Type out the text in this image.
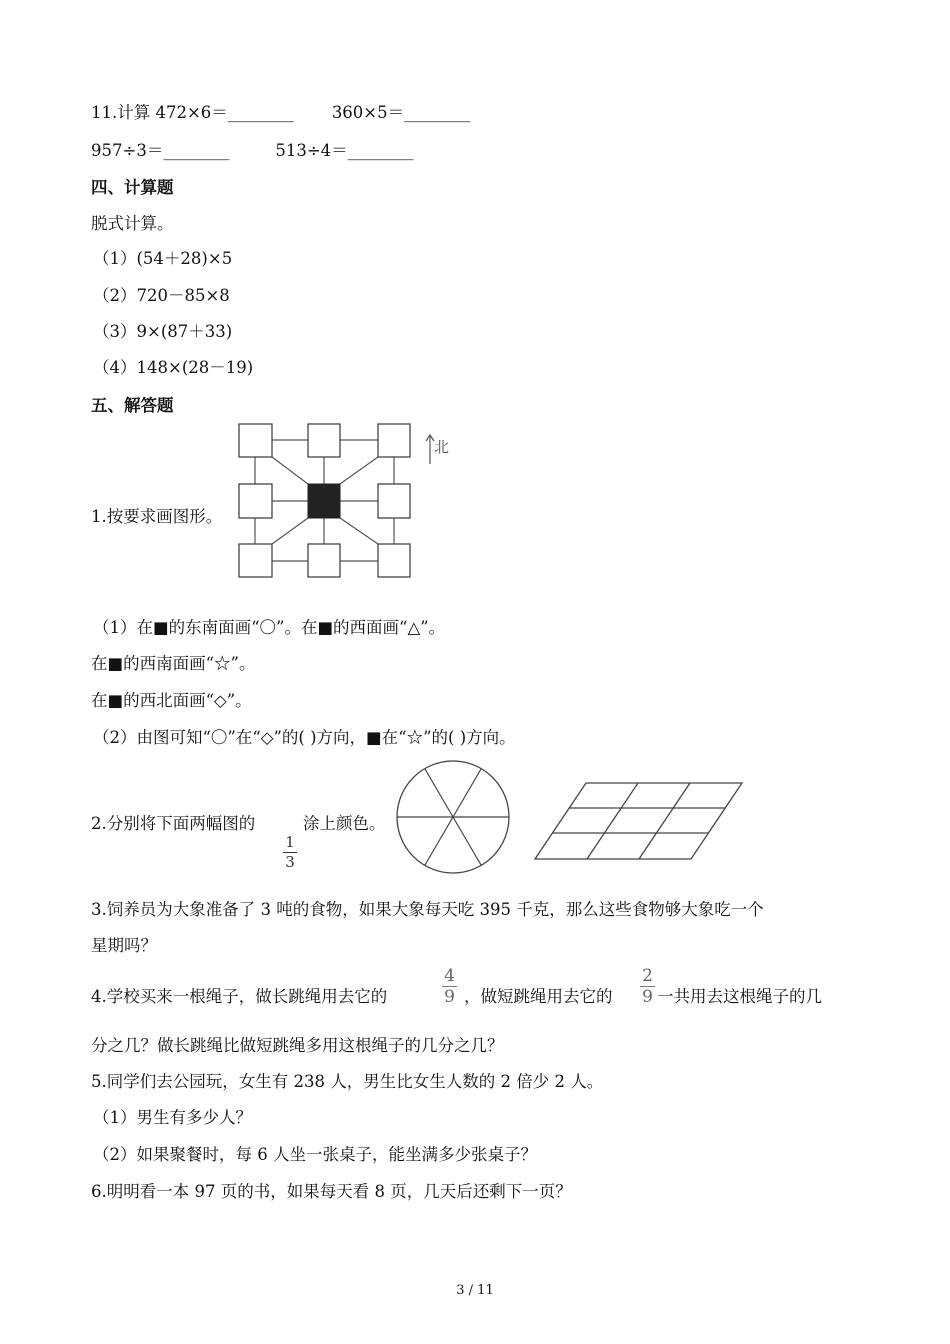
11.计算 472×6＝________ 360×5＝________
957÷3＝________	513÷4＝________
四、计算题
脱式计算。
（1）(54＋28)×5
（2）720－85×8
（3）9×(87＋33)
（4）148×(28－19)
五、解答题
1.按要求画图形。
北
（1）在■的东南面画“〇”。在■的西面画“△”。
在■的西南面画“☆”。
在■的西北面画“◇”。
（2）由图可知“〇”在“◇”的( )方向，■在“☆”的( )方向。
2.分别将下面两幅图的	涂上颜色。
1
3
3.饲养员为大象准备了 3 吨的食物，如果大象每天吃 395 千克，那么这些食物够大象吃一个
星期吗？
4.学校买来一根绳子，做长跳绳用去它的
4
9 ，做短跳绳用去它的
2
9 一共用去这根绳子的几
分之几？做长跳绳比做短跳绳多用这根绳子的几分之几？
5.同学们去公园玩，女生有 238 人，男生比女生人数的 2 倍少 2 人。
（1）男生有多少人？
（2）如果聚餐时，每 6 人坐一张桌子，能坐满多少张桌子？
6.明明看一本 97 页的书，如果每天看 8 页，几天后还剩下一页？
3 / 11
